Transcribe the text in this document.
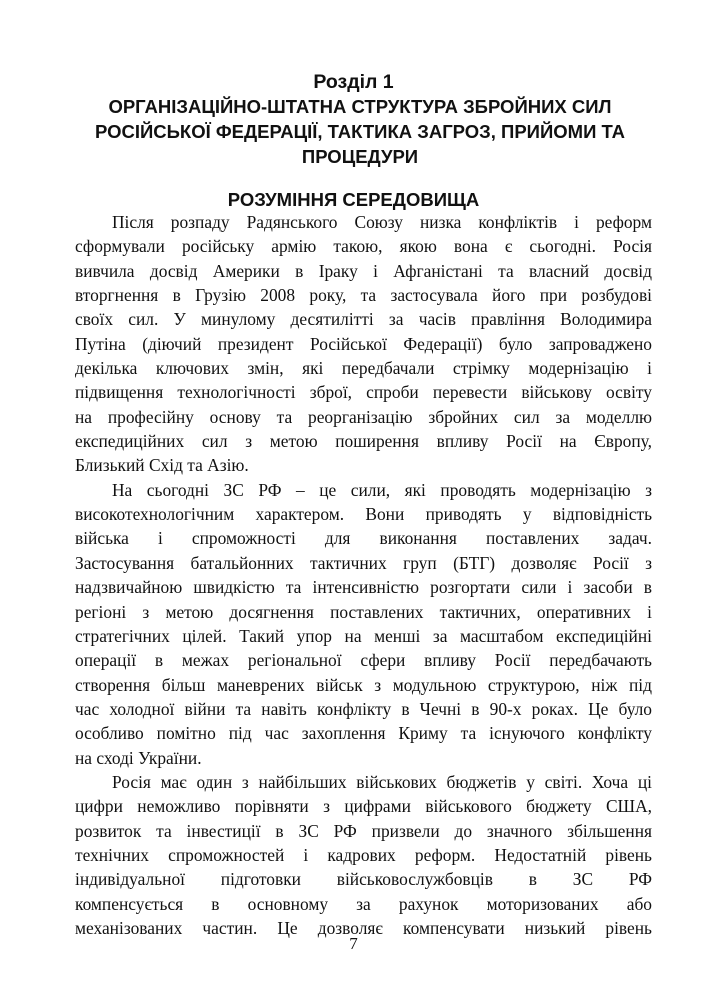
Розділ 1
ОРГАНІЗАЦІЙНО-ШТАТНА СТРУКТУРА ЗБРОЙНИХ СИЛ
РОСІЙСЬКОЇ ФЕДЕРАЦІЇ, ТАКТИКА ЗАГРОЗ, ПРИЙОМИ ТА
ПРОЦЕДУРИ
РОЗУМІННЯ СЕРЕДОВИЩА
Після розпаду Радянського Союзу низка конфліктів і реформ
сформували російську армію такою, якою вона є сьогодні. Росія
вивчила досвід Америки в Іраку і Афганістані та власний досвід
вторгнення в Грузію 2008 року, та застосувала його при розбудові
своїх сил. У минулому десятилітті за часів правління Володимира
Путіна (діючий президент Російської Федерації) було запроваджено
декілька ключових змін, які передбачали стрімку модернізацію і
підвищення технологічності зброї, спроби перевести військову освіту
на професійну основу та реорганізацію збройних сил за моделлю
експедиційних сил з метою поширення впливу Росії на Європу,
Близький Схід та Азію.
На сьогодні ЗС РФ – це сили, які проводять модернізацію з
високотехнологічним характером. Вони приводять у відповідність
війська і спроможності для виконання поставлених задач.
Застосування батальйонних тактичних груп (БТГ) дозволяє Росії з
надзвичайною швидкістю та інтенсивністю розгортати сили і засоби в
регіоні з метою досягнення поставлених тактичних, оперативних і
стратегічних цілей. Такий упор на менші за масштабом експедиційні
операції в межах регіональної сфери впливу Росії передбачають
створення більш маневрених військ з модульною структурою, ніж під
час холодної війни та навіть конфлікту в Чечні в 90-х роках. Це було
особливо помітно під час захоплення Криму та існуючого конфлікту
на сході України.
Росія має один з найбільших військових бюджетів у світі. Хоча ці
цифри неможливо порівняти з цифрами військового бюджету США,
розвиток та інвестиції в ЗС РФ призвели до значного збільшення
технічних спроможностей і кадрових реформ. Недостатній рівень
індивідуальної підготовки військовослужбовців в ЗС РФ
компенсується в основному за рахунок моторизованих або
механізованих частин. Це дозволяє компенсувати низький рівень
7
